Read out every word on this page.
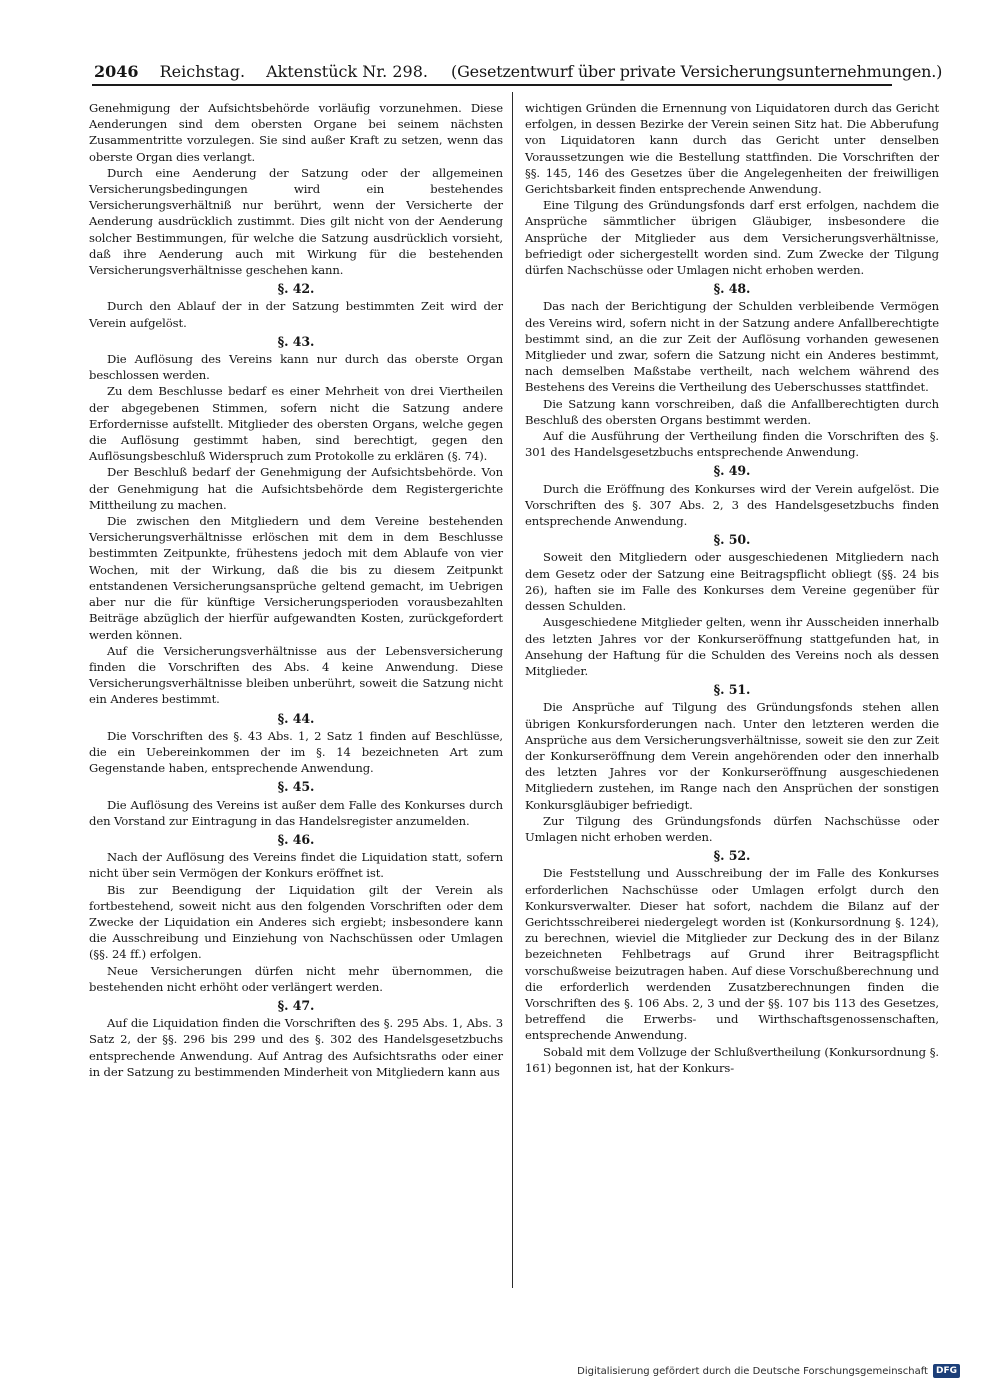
2046 Reichstag. Aktenstück Nr. 298. (Gesetzentwurf über private Versicherungsunternehmungen.)

Genehmigung der Aufsichtsbehörde vorläufig vorzunehmen. Diese Aenderungen sind dem obersten Organe bei seinem nächsten Zusammentritte vorzulegen. Sie sind außer Kraft zu setzen, wenn das oberste Organ dies verlangt.

Durch eine Aenderung der Satzung oder der allgemeinen Versicherungsbedingungen wird ein bestehendes Versicherungsverhältniß nur berührt, wenn der Versicherte der Aenderung ausdrücklich zustimmt. Dies gilt nicht von der Aenderung solcher Bestimmungen, für welche die Satzung ausdrücklich vorsieht, daß ihre Aenderung auch mit Wirkung für die bestehenden Versicherungsverhältnisse geschehen kann.

§. 42.

Durch den Ablauf der in der Satzung bestimmten Zeit wird der Verein aufgelöst.

§. 43.

Die Auflösung des Vereins kann nur durch das oberste Organ beschlossen werden.

Zu dem Beschlusse bedarf es einer Mehrheit von drei Viertheilen der abgegebenen Stimmen, sofern nicht die Satzung andere Erfordernisse aufstellt. Mitglieder des obersten Organs, welche gegen die Auflösung gestimmt haben, sind berechtigt, gegen den Auflösungsbeschluß Widerspruch zum Protokolle zu erklären (§. 74).

Der Beschluß bedarf der Genehmigung der Aufsichtsbehörde. Von der Genehmigung hat die Aufsichtsbehörde dem Registergerichte Mittheilung zu machen.

Die zwischen den Mitgliedern und dem Vereine bestehenden Versicherungsverhältnisse erlöschen mit dem in dem Beschlusse bestimmten Zeitpunkte, frühestens jedoch mit dem Ablaufe von vier Wochen, mit der Wirkung, daß die bis zu diesem Zeitpunkt entstandenen Versicherungsansprüche geltend gemacht, im Uebrigen aber nur die für künftige Versicherungsperioden vorausbezahlten Beiträge abzüglich der hierfür aufgewandten Kosten, zurückgefordert werden können.

Auf die Versicherungsverhältnisse aus der Lebensversicherung finden die Vorschriften des Abs. 4 keine Anwendung. Diese Versicherungsverhältnisse bleiben unberührt, soweit die Satzung nicht ein Anderes bestimmt.

§. 44.

Die Vorschriften des §. 43 Abs. 1, 2 Satz 1 finden auf Beschlüsse, die ein Uebereinkommen der im §. 14 bezeichneten Art zum Gegenstande haben, entsprechende Anwendung.

§. 45.

Die Auflösung des Vereins ist außer dem Falle des Konkurses durch den Vorstand zur Eintragung in das Handelsregister anzumelden.

§. 46.

Nach der Auflösung des Vereins findet die Liquidation statt, sofern nicht über sein Vermögen der Konkurs eröffnet ist.

Bis zur Beendigung der Liquidation gilt der Verein als fortbestehend, soweit nicht aus den folgenden Vorschriften oder dem Zwecke der Liquidation ein Anderes sich ergiebt; insbesondere kann die Ausschreibung und Einziehung von Nachschüssen oder Umlagen (§§. 24 ff.) erfolgen.

Neue Versicherungen dürfen nicht mehr übernommen, die bestehenden nicht erhöht oder verlängert werden.

§. 47.

Auf die Liquidation finden die Vorschriften des §. 295 Abs. 1, Abs. 3 Satz 2, der §§. 296 bis 299 und des §. 302 des Handelsgesetzbuchs entsprechende Anwendung. Auf Antrag des Aufsichtsraths oder einer in der Satzung zu bestimmenden Minderheit von Mitgliedern kann aus

wichtigen Gründen die Ernennung von Liquidatoren durch das Gericht erfolgen, in dessen Bezirke der Verein seinen Sitz hat. Die Abberufung von Liquidatoren kann durch das Gericht unter denselben Voraussetzungen wie die Bestellung stattfinden. Die Vorschriften der §§. 145, 146 des Gesetzes über die Angelegenheiten der freiwilligen Gerichtsbarkeit finden entsprechende Anwendung.

Eine Tilgung des Gründungsfonds darf erst erfolgen, nachdem die Ansprüche sämmtlicher übrigen Gläubiger, insbesondere die Ansprüche der Mitglieder aus dem Versicherungsverhältnisse, befriedigt oder sichergestellt worden sind. Zum Zwecke der Tilgung dürfen Nachschüsse oder Umlagen nicht erhoben werden.

§. 48.

Das nach der Berichtigung der Schulden verbleibende Vermögen des Vereins wird, sofern nicht in der Satzung andere Anfallberechtigte bestimmt sind, an die zur Zeit der Auflösung vorhanden gewesenen Mitglieder und zwar, sofern die Satzung nicht ein Anderes bestimmt, nach demselben Maßstabe vertheilt, nach welchem während des Bestehens des Vereins die Vertheilung des Ueberschusses stattfindet.

Die Satzung kann vorschreiben, daß die Anfallberechtigten durch Beschluß des obersten Organs bestimmt werden.

Auf die Ausführung der Vertheilung finden die Vorschriften des §. 301 des Handelsgesetzbuchs entsprechende Anwendung.

§. 49.

Durch die Eröffnung des Konkurses wird der Verein aufgelöst. Die Vorschriften des §. 307 Abs. 2, 3 des Handelsgesetzbuchs finden entsprechende Anwendung.

§. 50.

Soweit den Mitgliedern oder ausgeschiedenen Mitgliedern nach dem Gesetz oder der Satzung eine Beitragspflicht obliegt (§§. 24 bis 26), haften sie im Falle des Konkurses dem Vereine gegenüber für dessen Schulden.

Ausgeschiedene Mitglieder gelten, wenn ihr Ausscheiden innerhalb des letzten Jahres vor der Konkurseröffnung stattgefunden hat, in Ansehung der Haftung für die Schulden des Vereins noch als dessen Mitglieder.

§. 51.

Die Ansprüche auf Tilgung des Gründungsfonds stehen allen übrigen Konkursforderungen nach. Unter den letzteren werden die Ansprüche aus dem Versicherungsverhältnisse, soweit sie den zur Zeit der Konkurseröffnung dem Verein angehörenden oder den innerhalb des letzten Jahres vor der Konkurseröffnung ausgeschiedenen Mitgliedern zustehen, im Range nach den Ansprüchen der sonstigen Konkursgläubiger befriedigt.

Zur Tilgung des Gründungsfonds dürfen Nachschüsse oder Umlagen nicht erhoben werden.

§. 52.

Die Feststellung und Ausschreibung der im Falle des Konkurses erforderlichen Nachschüsse oder Umlagen erfolgt durch den Konkursverwalter. Dieser hat sofort, nachdem die Bilanz auf der Gerichtsschreiberei niedergelegt worden ist (Konkursordnung §. 124), zu berechnen, wieviel die Mitglieder zur Deckung des in der Bilanz bezeichneten Fehlbetrags auf Grund ihrer Beitragspflicht vorschußweise beizutragen haben. Auf diese Vorschußberechnung und die erforderlich werdenden Zusatzberechnungen finden die Vorschriften des §. 106 Abs. 2, 3 und der §§. 107 bis 113 des Gesetzes, betreffend die Erwerbs- und Wirthschaftsgenossenschaften, entsprechende Anwendung.

Sobald mit dem Vollzuge der Schlußvertheilung (Konkursordnung §. 161) begonnen ist, hat der Konkurs-

Digitalisierung gefördert durch die Deutsche Forschungsgemeinschaft DFG
